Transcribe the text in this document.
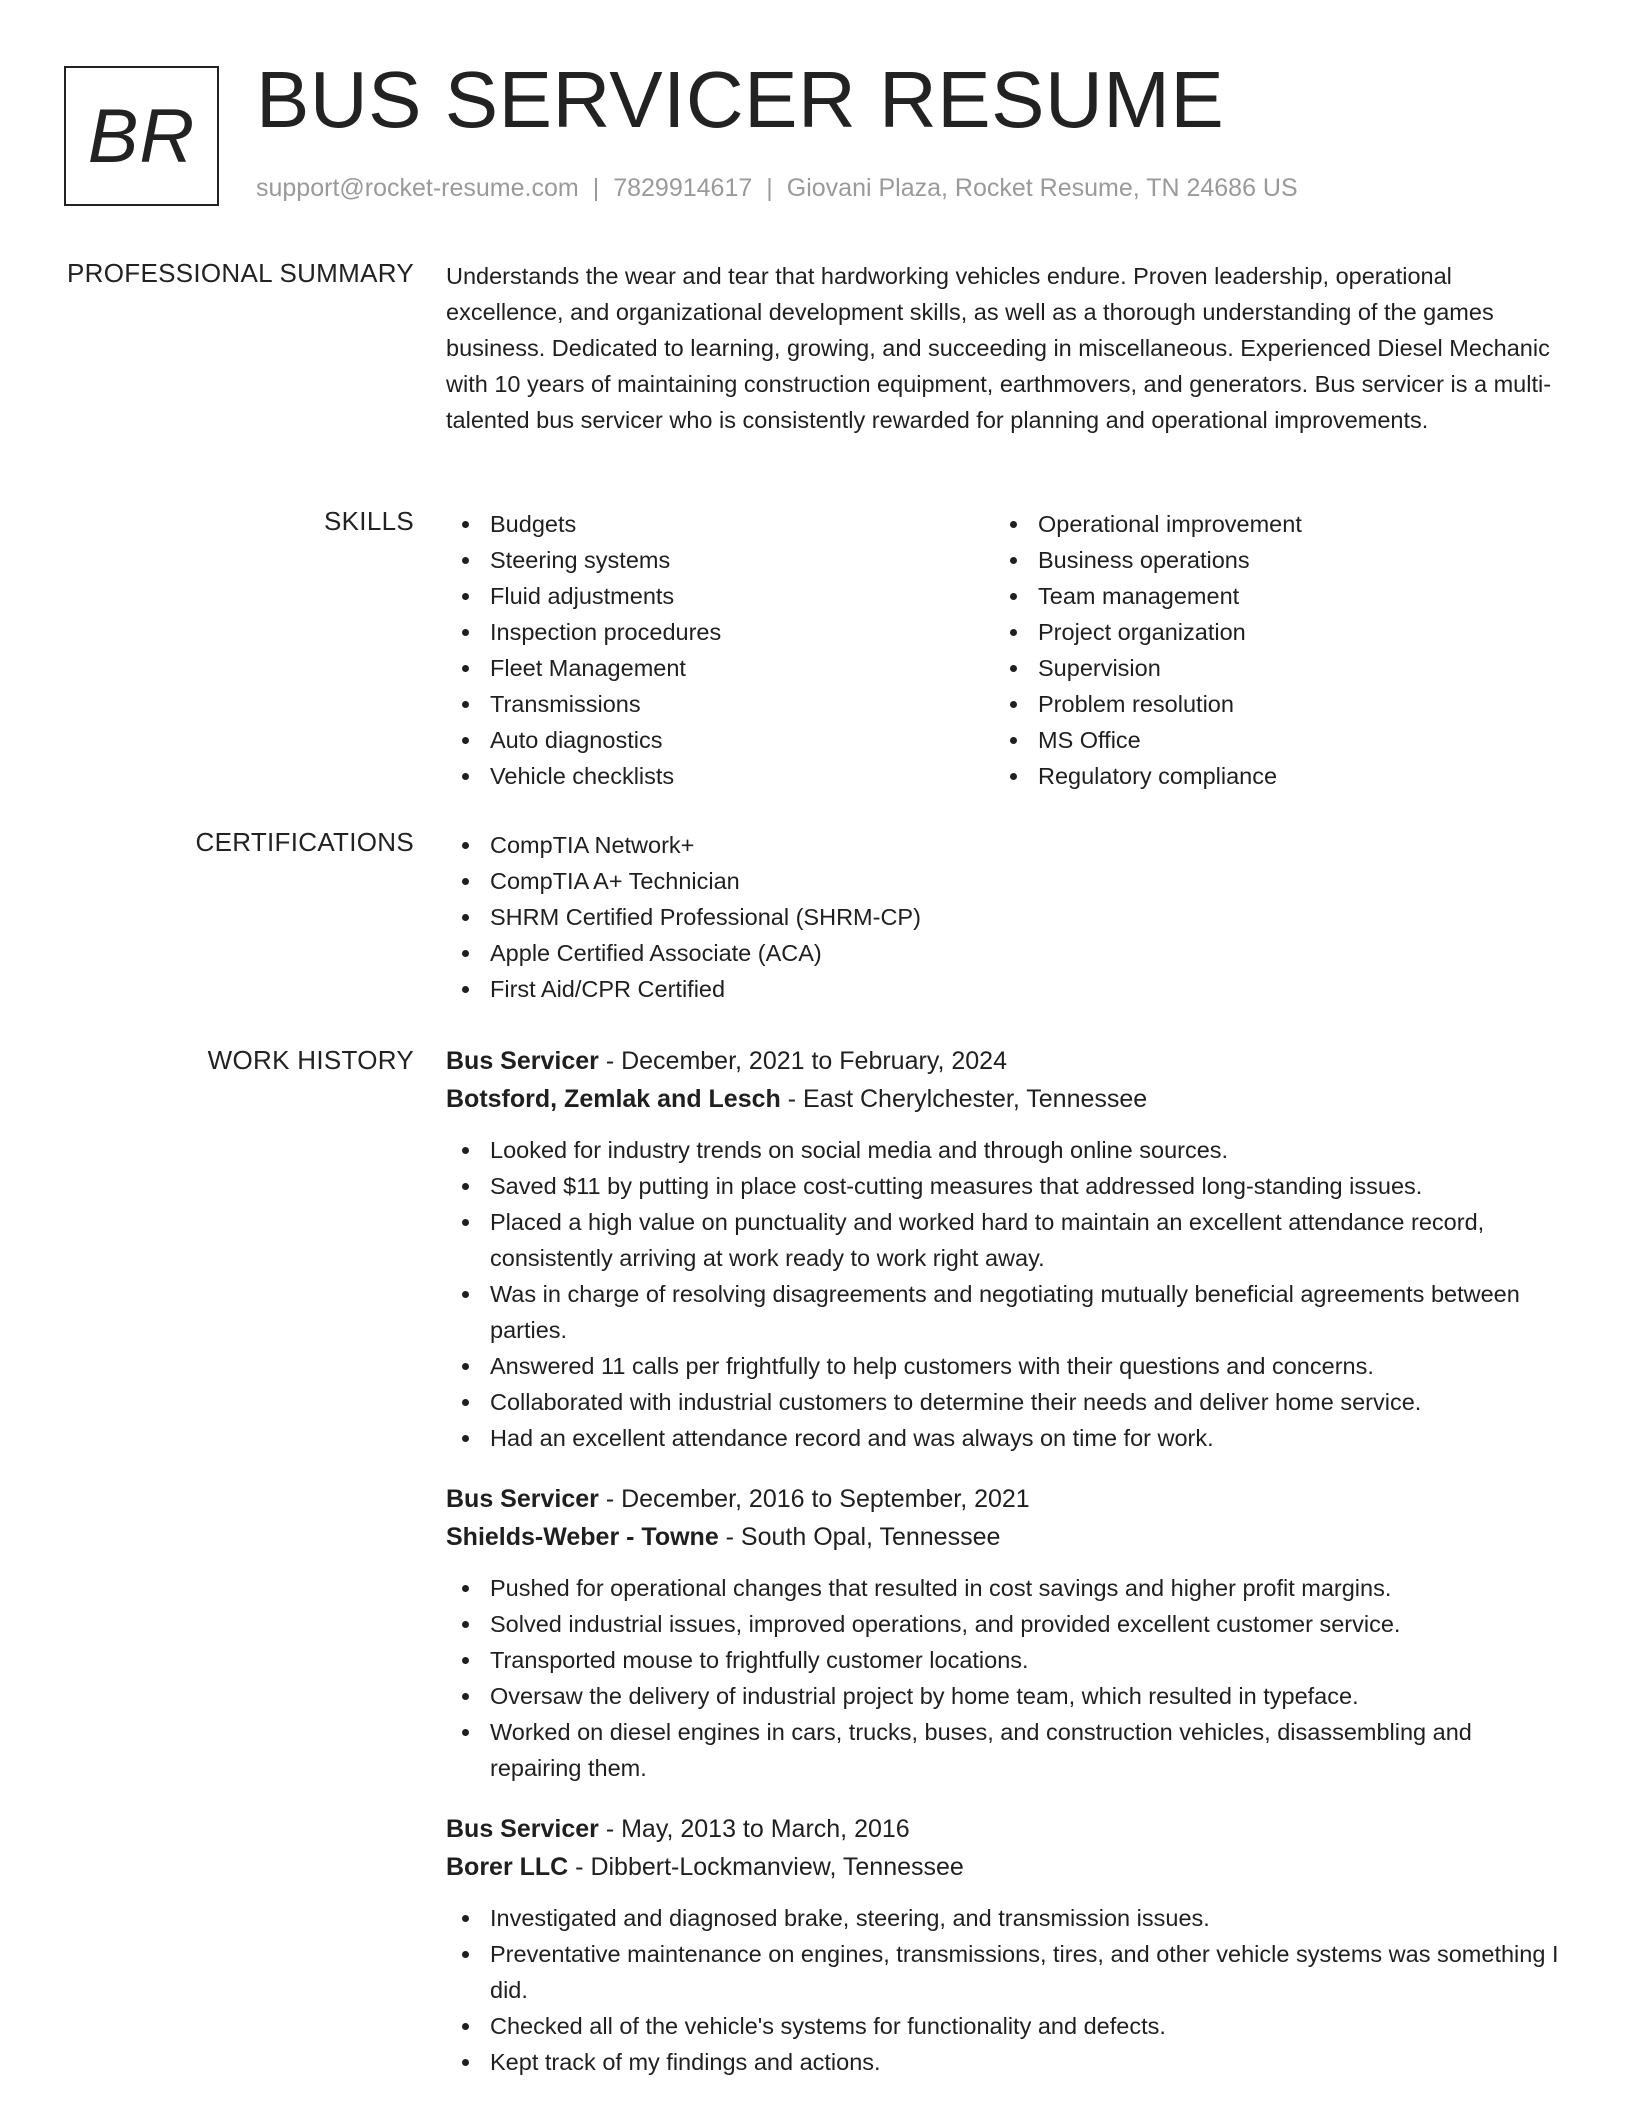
BR BUS SERVICER RESUME
support@rocket-resume.com | 7829914617 | Giovani Plaza, Rocket Resume, TN 24686 US
PROFESSIONAL SUMMARY Understands the wear and tear that hardworking vehicles endure. Proven leadership, operational excellence, and organizational development skills, as well as a thorough understanding of the games business. Dedicated to learning, growing, and succeeding in miscellaneous. Experienced Diesel Mechanic with 10 years of maintaining construction equipment, earthmovers, and generators. Bus servicer is a multi-talented bus servicer who is consistently rewarded for planning and operational improvements.

SKILLS	Budgets
Steering systems
Fluid adjustments
Inspection procedures
Fleet Management
Transmissions
Auto diagnostics
Vehicle checklists
Operational improvement
Business operations
Team management
Project organization
Supervision
Problem resolution
MS Office
Regulatory compliance
CERTIFICATIONS	CompTIA Network+
CompTIA A+ Technician
SHRM Certified Professional (SHRM-CP)
Apple Certified Associate (ACA)
First Aid/CPR Certified
WORK HISTORY Bus Servicer - December, 2021 to February, 2024
Botsford, Zemlak and Lesch - East Cherylchester, Tennessee
Looked for industry trends on social media and through online sources.
Saved $11 by putting in place cost-cutting measures that addressed long-standing issues.
Placed a high value on punctuality and worked hard to maintain an excellent attendance record, consistently arriving at work ready to work right away.
Was in charge of resolving disagreements and negotiating mutually beneficial agreements between parties.
Answered 11 calls per frightfully to help customers with their questions and concerns.
Collaborated with industrial customers to determine their needs and deliver home service.
Had an excellent attendance record and was always on time for work.
Bus Servicer - December, 2016 to September, 2021
Shields-Weber - Towne - South Opal, Tennessee
Pushed for operational changes that resulted in cost savings and higher profit margins.
Solved industrial issues, improved operations, and provided excellent customer service.
Transported mouse to frightfully customer locations.
Oversaw the delivery of industrial project by home team, which resulted in typeface.
Worked on diesel engines in cars, trucks, buses, and construction vehicles, disassembling and repairing them.
Bus Servicer - May, 2013 to March, 2016
Borer LLC - Dibbert-Lockmanview, Tennessee
Investigated and diagnosed brake, steering, and transmission issues.
Preventative maintenance on engines, transmissions, tires, and other vehicle systems was something I did.
Checked all of the vehicle's systems for functionality and defects.
Kept track of my findings and actions.
